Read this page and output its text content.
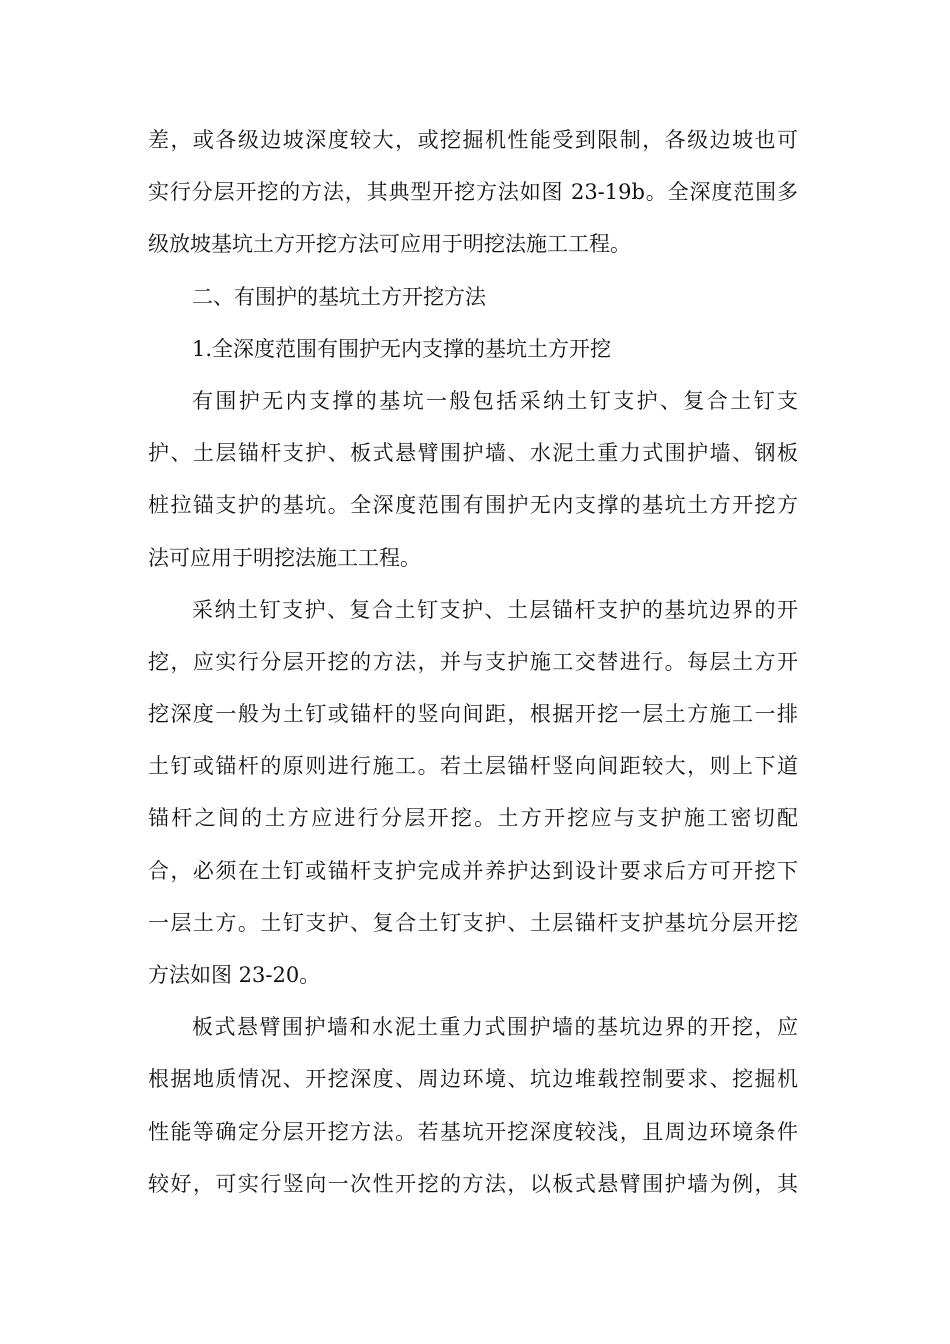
差，或各级边坡深度较大，或挖掘机性能受到限制，各级边坡也可
实行分层开挖的方法，其典型开挖方法如图 23-19b。全深度范围多
级放坡基坑土方开挖方法可应用于明挖法施工工程。
二、有围护的基坑土方开挖方法
1.全深度范围有围护无内支撑的基坑土方开挖
有围护无内支撑的基坑一般包括采纳土钉支护、复合土钉支
护、土层锚杆支护、板式悬臂围护墙、水泥土重力式围护墙、钢板
桩拉锚支护的基坑。全深度范围有围护无内支撑的基坑土方开挖方
法可应用于明挖法施工工程。
采纳土钉支护、复合土钉支护、土层锚杆支护的基坑边界的开
挖，应实行分层开挖的方法，并与支护施工交替进行。每层土方开
挖深度一般为土钉或锚杆的竖向间距，根据开挖一层土方施工一排
土钉或锚杆的原则进行施工。若土层锚杆竖向间距较大，则上下道
锚杆之间的土方应进行分层开挖。土方开挖应与支护施工密切配
合，必须在土钉或锚杆支护完成并养护达到设计要求后方可开挖下
一层土方。土钉支护、复合土钉支护、土层锚杆支护基坑分层开挖
方法如图 23-20。
板式悬臂围护墙和水泥土重力式围护墙的基坑边界的开挖，应
根据地质情况、开挖深度、周边环境、坑边堆载控制要求、挖掘机
性能等确定分层开挖方法。若基坑开挖深度较浅，且周边环境条件
较好，可实行竖向一次性开挖的方法，以板式悬臂围护墙为例，其
